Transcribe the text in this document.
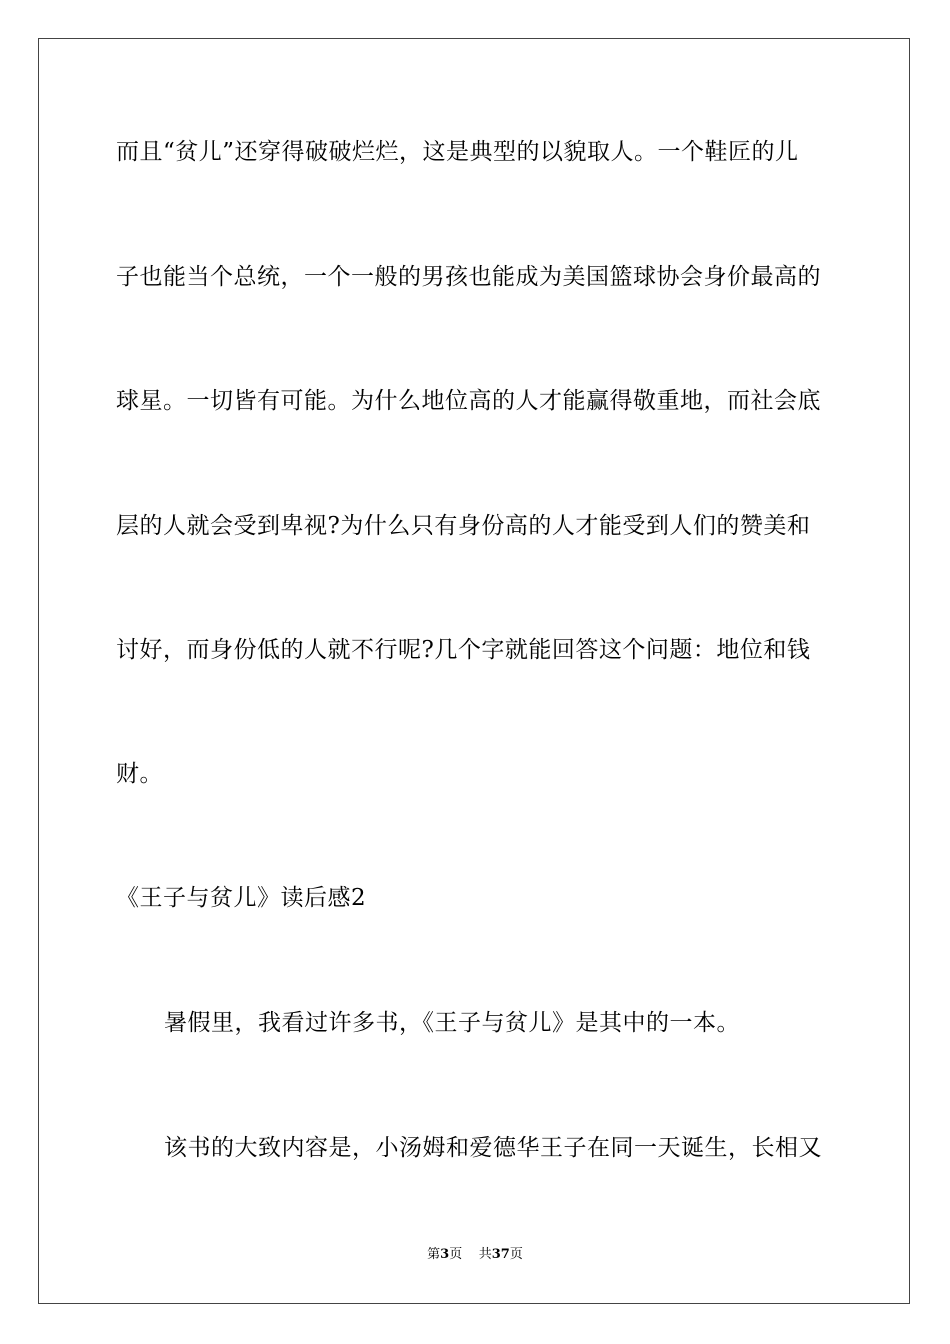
而且“贫儿”还穿得破破烂烂，这是典型的以貌取人。一个鞋匠的儿
子也能当个总统，一个一般的男孩也能成为美国篮球协会身价最高的
球星。一切皆有可能。为什么地位高的人才能赢得敬重地，而社会底
层的人就会受到卑视?为什么只有身份高的人才能受到人们的赞美和
讨好，而身份低的人就不行呢?几个字就能回答这个问题：地位和钱
财。
《王子与贫儿》读后感2
暑假里，我看过许多书，《王子与贫儿》是其中的一本。
该书的大致内容是，小汤姆和爱德华王子在同一天诞生，长相又
第3页 共37页
